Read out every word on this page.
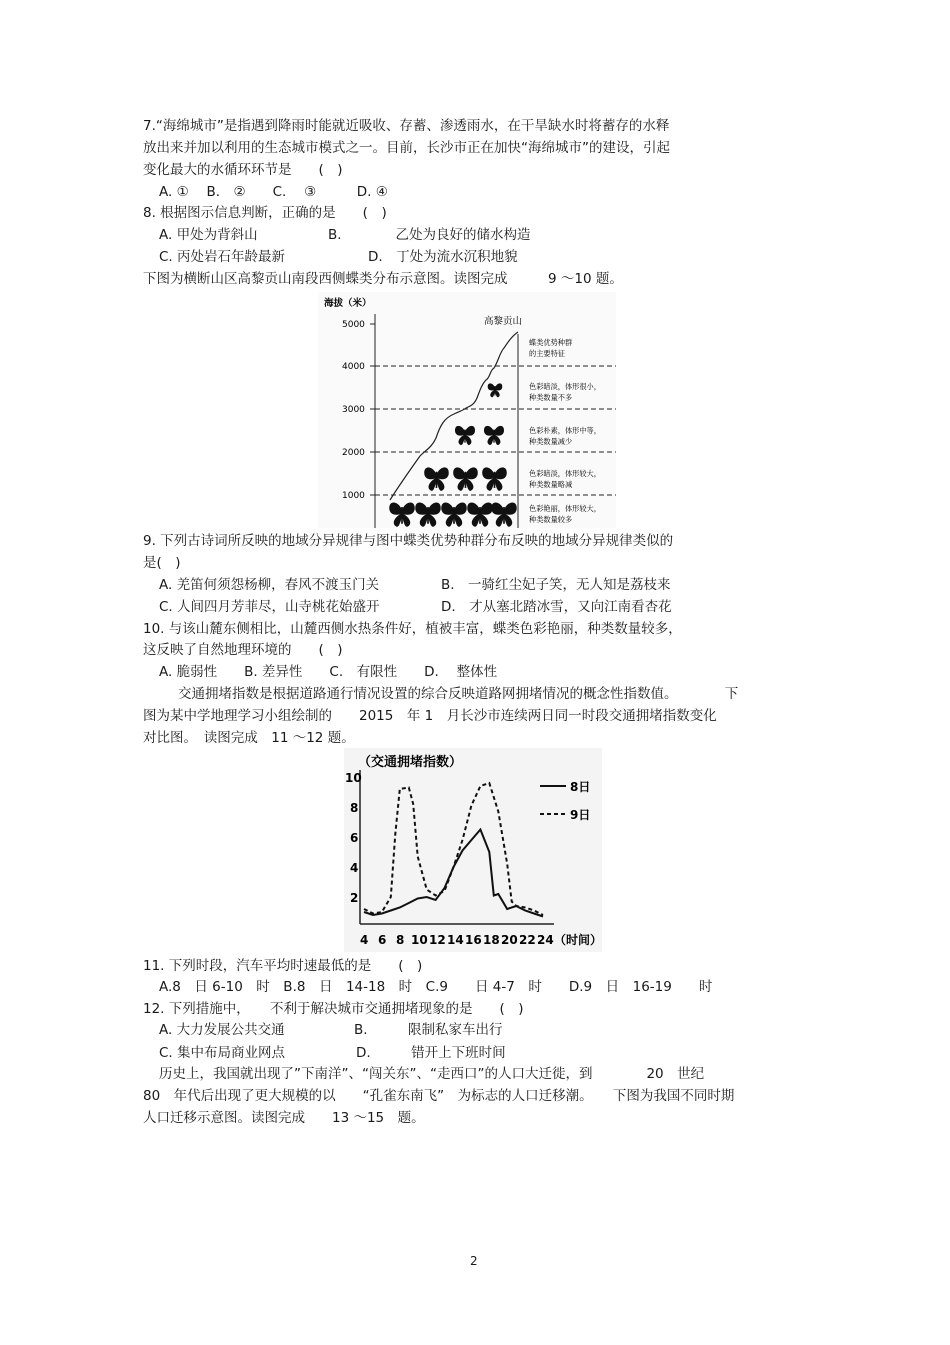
7.“海绵城市”是指遇到降雨时能就近吸收、存蓄、渗透雨水，在干旱缺水时将蓄存的水释
放出来并加以利用的生态城市模式之一。目前，长沙市正在加快“海绵城市”的建设，引起
变化最大的水循环环节是　　(　)
A. ①　 B.　②　　C.　 ③　　　D. ④
8. 根据图示信息判断，正确的是　　(　)
A. 甲处为背斜山	B.　　　　乙处为良好的储水构造
C. 丙处岩石年龄最新	D.　丁处为流水沉积地貌
下图为横断山区高黎贡山南段西侧蝶类分布示意图。读图完成　　　9 ～10 题。
海拔（米）
5000
4000
3000
2000
1000
高黎贡山
蝶类优势种群
的主要特征
色彩暗淡，体形很小，
种类数量不多
色彩朴素，体形中等，
种类数量减少
色彩暗淡，体形较大，
种类数量略减
色彩艳丽，体形较大，
种类数量较多
9. 下列古诗词所反映的地域分异规律与图中蝶类优势种群分布反映的地域分异规律类似的
是(　)
A. 羌笛何须怨杨柳，春风不渡玉门关	B.　一骑红尘妃子笑，无人知是荔枝来
C. 人间四月芳菲尽，山寺桃花始盛开	D.　才从塞北踏冰雪，又向江南看杏花
10. 与该山麓东侧相比，山麓西侧水热条件好，植被丰富，蝶类色彩艳丽，种类数量较多，
这反映了自然地理环境的　　(　)
A. 脆弱性　　B. 差异性　　C.　有限性　　D.　 整体性
交通拥堵指数是根据道路通行情况设置的综合反映道路网拥堵情况的概念性指数值。　　　　下
图为某中学地理学习小组绘制的　　2015　年 1　月长沙市连续两日同一时段交通拥堵指数变化
对比图。　读图完成　11 ～12 题。
（交通拥堵指数）
10
8
6
4
2
4 6 8 10 12 14 16 18 20 22 24 （时间）
8日
9日
11. 下列时段，汽车平均时速最低的是　　(　)
A.8　日 6-10　时　B.8　日　14-18　时　C.9　　日 4-7　时　　D.9　日　16-19　　时
12. 下列措施中，　　不利于解决城市交通拥堵现象的是　　(　)
A. 大力发展公共交通	B.　　　限制私家车出行
C. 集中布局商业网点	D.　　　错开上下班时间
历史上，我国就出现了”下南洋”、“闯关东”、“走西口”的人口大迁徙，到　　　　20　世纪
80　年代后出现了更大规模的以　　“孔雀东南飞”　为标志的人口迁移潮。　　下图为我国不同时期
人口迁移示意图。读图完成　　13 ～15　题。
2
